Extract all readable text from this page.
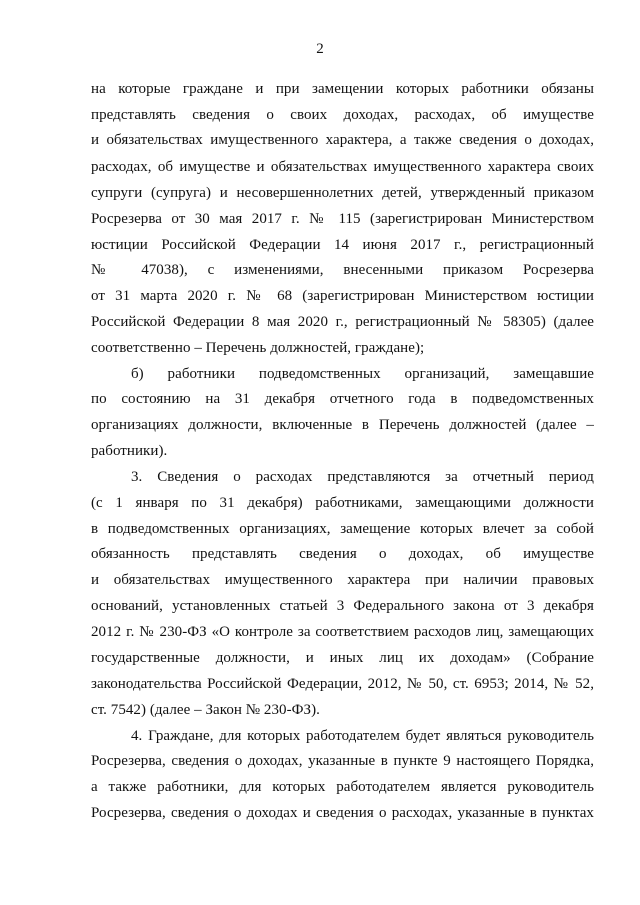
2
на которые граждане и при замещении которых работники обязаны
представлять сведения о своих доходах, расходах, об имуществе
и обязательствах имущественного характера, а также сведения о доходах,
расходах, об имуществе и обязательствах имущественного характера своих
супруги (супруга) и несовершеннолетних детей, утвержденный приказом
Росрезерва от 30 мая 2017 г. № 115 (зарегистрирован Министерством
юстиции Российской Федерации 14 июня 2017 г., регистрационный
№ 47038), с изменениями, внесенными приказом Росрезерва
от 31 марта 2020 г. № 68 (зарегистрирован Министерством юстиции
Российской Федерации 8 мая 2020 г., регистрационный № 58305) (далее
соответственно – Перечень должностей, граждане);
б) работники подведомственных организаций, замещавшие
по состоянию на 31 декабря отчетного года в подведомственных
организациях должности, включенные в Перечень должностей (далее –
работники).
3. Сведения о расходах представляются за отчетный период
(с 1 января по 31 декабря) работниками, замещающими должности
в подведомственных организациях, замещение которых влечет за собой
обязанность представлять сведения о доходах, об имуществе
и обязательствах имущественного характера при наличии правовых
оснований, установленных статьей 3 Федерального закона от 3 декабря
2012 г. № 230-ФЗ «О контроле за соответствием расходов лиц, замещающих
государственные должности, и иных лиц их доходам» (Собрание
законодательства Российской Федерации, 2012, № 50, ст. 6953; 2014, № 52,
ст. 7542) (далее – Закон № 230-ФЗ).
4. Граждане, для которых работодателем будет являться руководитель
Росрезерва, сведения о доходах, указанные в пункте 9 настоящего Порядка,
а также работники, для которых работодателем является руководитель
Росрезерва, сведения о доходах и сведения о расходах, указанные в пунктах
